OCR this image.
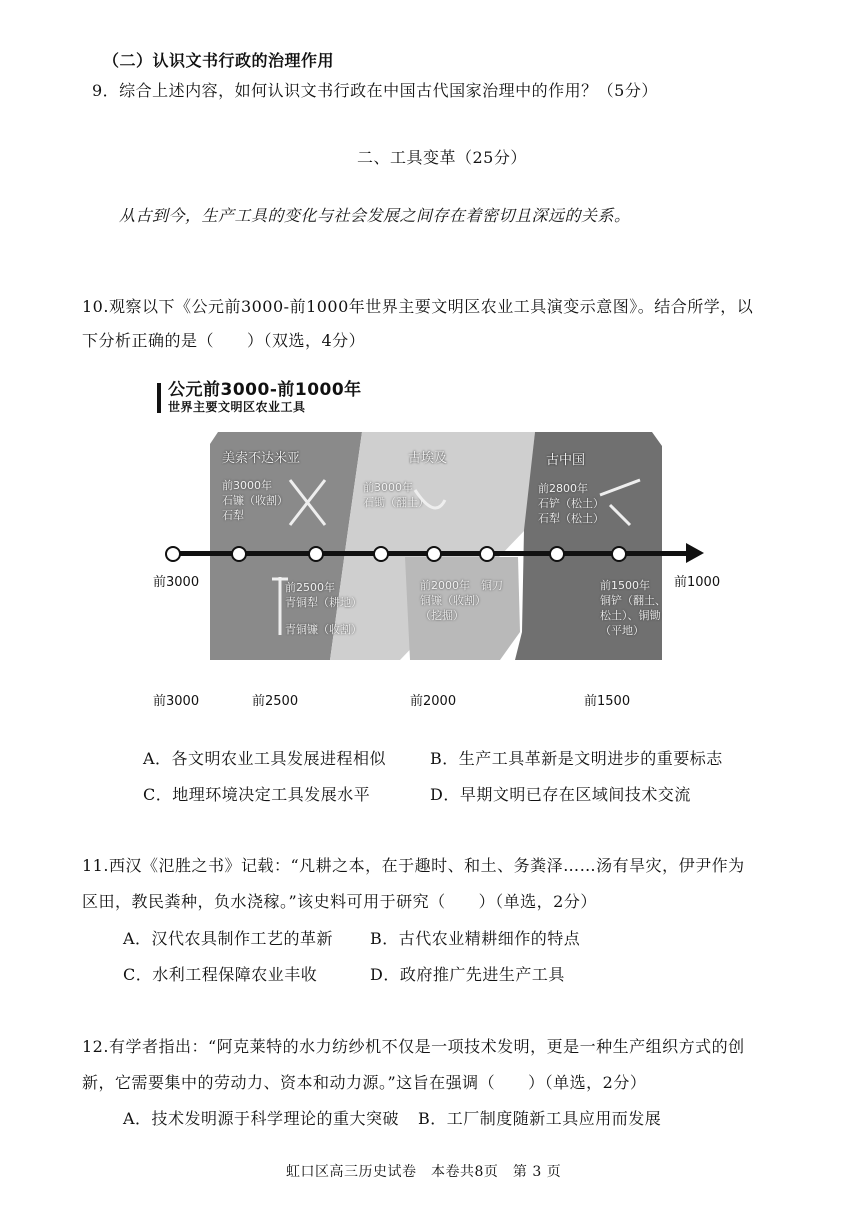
（二）认识文书行政的治理作用
9．综合上述内容，如何认识文书行政在中国古代国家治理中的作用？（5分）
二、工具变革（25分）
从古到今，生产工具的变化与社会发展之间存在着密切且深远的关系。
10.观察以下《公元前3000-前1000年世界主要文明区农业工具演变示意图》。结合所学，以
下分析正确的是（　　）（双选，4分）
公元前3000-前1000年
世界主要文明区农业工具
美索不达米亚	古埃及	古中国
前3000年
石镰（收割）
石犁
前3000年
石锄（翻土）
前2800年
石铲（松土）
石犁（松土）
前2500年
青铜犁（耕地）
青铜镰（收割）
前2000年　铜刀
铜镰（收割）
（挖掘）
前1500年
铜铲（翻土、
松土）、铜锄
（平地）
前3000	前1000
前3000	前2500	前2000	前1500
A．各文明农业工具发展进程相似	B．生产工具革新是文明进步的重要标志
C．地理环境决定工具发展水平	D．早期文明已存在区域间技术交流
11.西汉《氾胜之书》记载：“凡耕之本，在于趣时、和土、务粪泽……汤有旱灾，伊尹作为
区田，教民粪种，负水浇稼。”该史料可用于研究（　　）（单选，2分）
A．汉代农具制作工艺的革新 B．古代农业精耕细作的特点
C．水利工程保障农业丰收	D．政府推广先进生产工具
12.有学者指出：“阿克莱特的水力纺纱机不仅是一项技术发明，更是一种生产组织方式的创
新，它需要集中的劳动力、资本和动力源。”这旨在强调（　　）（单选，2分）
A．技术发明源于科学理论的重大突破 B．工厂制度随新工具应用而发展
虹口区高三历史试卷　本卷共8页　第 3 页
